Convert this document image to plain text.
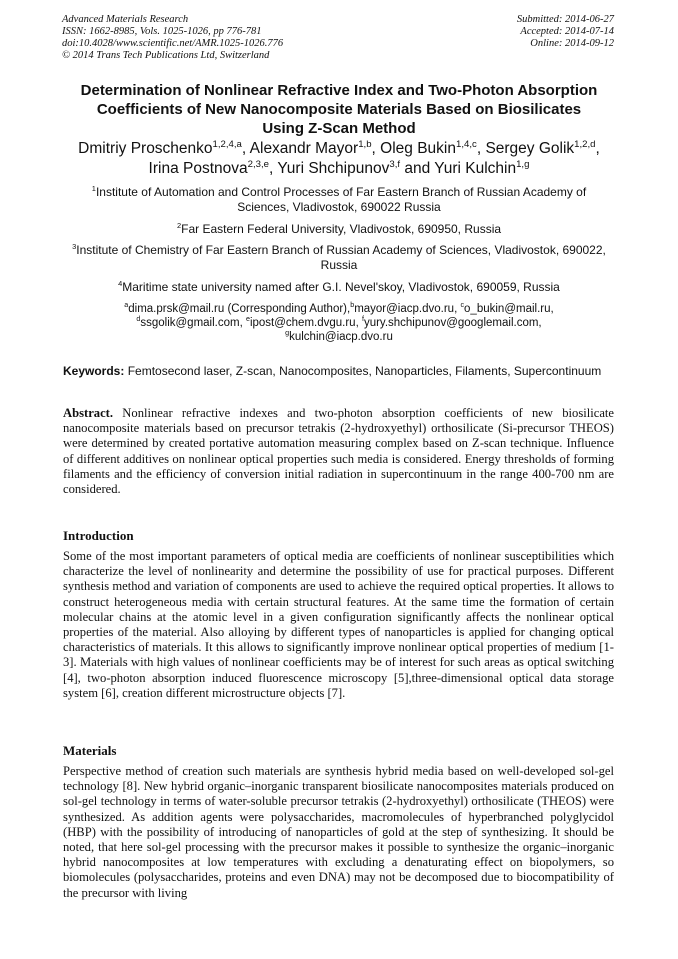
Advanced Materials Research
ISSN: 1662-8985, Vols. 1025-1026, pp 776-781
doi:10.4028/www.scientific.net/AMR.1025-1026.776
© 2014 Trans Tech Publications Ltd, Switzerland
Submitted: 2014-06-27
Accepted: 2014-07-14
Online: 2014-09-12
Determination of Nonlinear Refractive Index and Two-Photon Absorption
Coefficients of New Nanocomposite Materials Based on Biosilicates
Using Z-Scan Method
Dmitriy Proschenko$^{1,2,4,a}$, Alexandr Mayor$^{1,b}$, Oleg Bukin$^{1,4,c}$, Sergey Golik$^{1,2,d}$,
Irina Postnova$^{2,3,e}$, Yuri Shchipunov$^{3,f}$ and Yuri Kulchin$^{1,g}$
$^1$Institute of Automation and Control Processes of Far Eastern Branch of Russian Academy of
Sciences, Vladivostok, 690022 Russia
$^2$Far Eastern Federal University, Vladivostok, 690950, Russia
$^3$Institute of Chemistry of Far Eastern Branch of Russian Academy of Sciences, Vladivostok, 690022,
Russia
$^4$Maritime state university named after G.I. Nevel'skoy, Vladivostok, 690059, Russia
$^a$dima.prsk@mail.ru (Corresponding Author),$^b$mayor@iacp.dvo.ru, $^c$o_bukin@mail.ru,
$^d$ssgolik@gmail.com, $^e$ipost@chem.dvgu.ru, $^f$yury.shchipunov@googlemail.com,
$^g$kulchin@iacp.dvo.ru
Keywords: Femtosecond laser, Z-scan, Nanocomposites, Nanoparticles, Filaments, Supercontinuum
Abstract. Nonlinear refractive indexes and two-photon absorption coefficients of new biosilicate nanocomposite materials based on precursor tetrakis (2-hydroxyethyl) orthosilicate (Si-precursor THEOS) were determined by created portative automation measuring complex based on Z-scan technique. Influence of different additives on nonlinear optical properties such media is considered. Energy thresholds of forming filaments and the efficiency of conversion initial radiation in supercontinuum in the range 400-700 nm are considered.
Introduction
Some of the most important parameters of optical media are coefficients of nonlinear susceptibilities which characterize the level of nonlinearity and determine the possibility of use for practical purposes. Different synthesis method and variation of components are used to achieve the required optical properties. It allows to construct heterogeneous media with certain structural features. At the same time the formation of certain molecular chains at the atomic level in a given configuration significantly affects the nonlinear optical properties of the material. Also alloying by different types of nanoparticles is applied for changing optical characteristics of materials. It this allows to significantly improve nonlinear optical properties of medium [1-3]. Materials with high values of nonlinear coefficients may be of interest for such areas as optical switching [4], two-photon absorption induced fluorescence microscopy [5],three-dimensional optical data storage system [6], creation different microstructure objects [7].
Materials
Perspective method of creation such materials are synthesis hybrid media based on well-developed sol-gel technology [8]. New hybrid organic–inorganic transparent biosilicate nanocomposites materials produced on sol-gel technology in terms of water-soluble precursor tetrakis (2-hydroxyethyl) orthosilicate (THEOS) were synthesized. As addition agents were polysaccharides, macromolecules of hyperbranched polyglycidol (HBP) with the possibility of introducing of nanoparticles of gold at the step of synthesizing. It should be noted, that here sol-gel processing with the precursor makes it possible to synthesize the organic–inorganic hybrid nanocomposites at low temperatures with excluding a denaturating effect on biopolymers, so biomolecules (polysaccharides, proteins and even DNA) may not be decomposed due to biocompatibility of the precursor with living
